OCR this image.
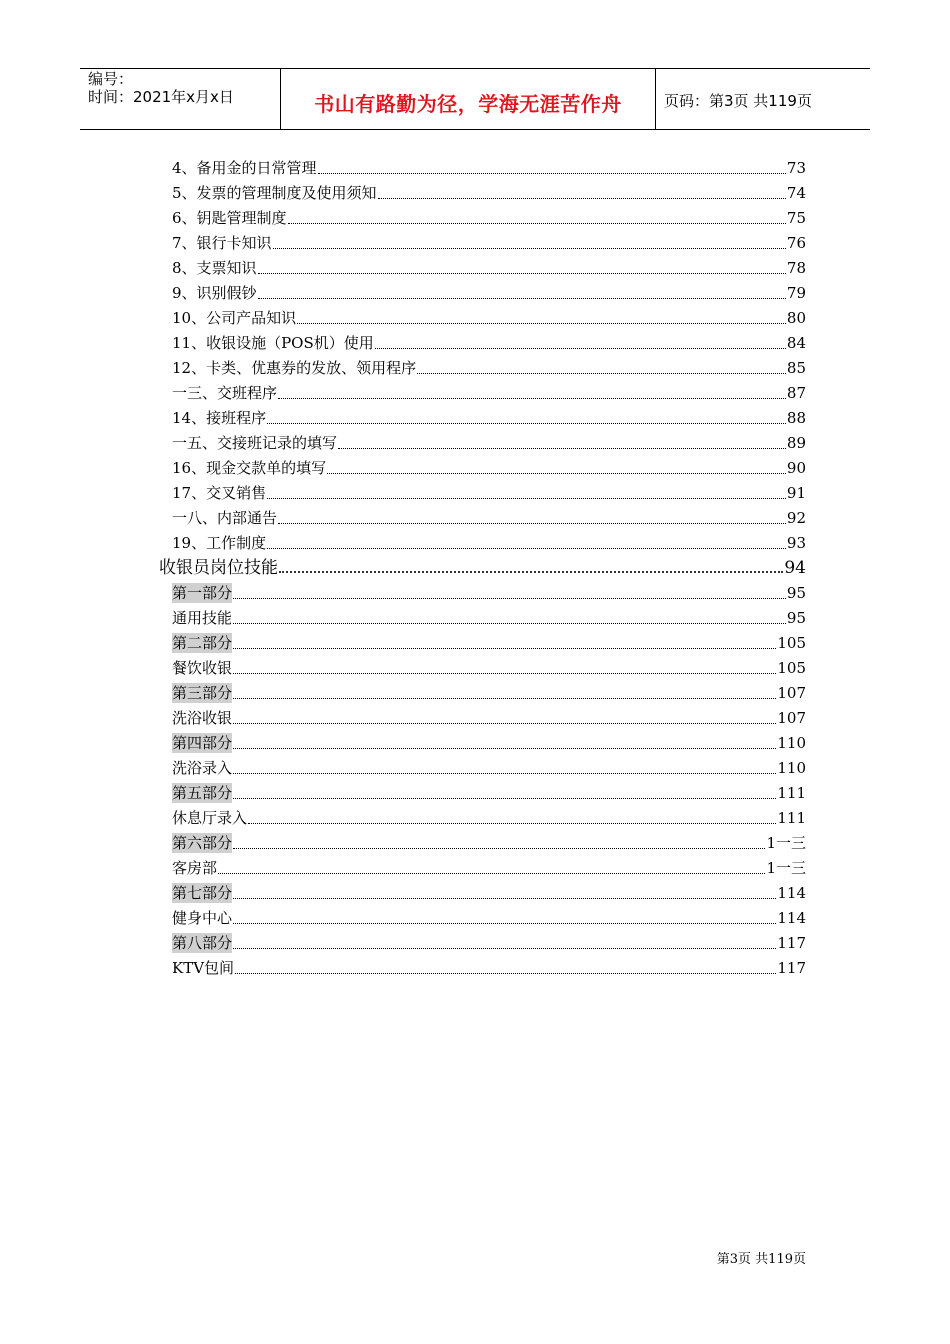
编号：
时间：2021年x月x日	书山有路勤为径，学海无涯苦作舟	页码：第3页 共119页
4、备用金的日常管理	73
5、发票的管理制度及使用须知	74
6、钥匙管理制度	75
7、银行卡知识	76
8、支票知识	78
9、识别假钞	79
10、公司产品知识	80
11、收银设施（POS机）使用	84
12、卡类、优惠券的发放、领用程序	85
一三、交班程序	87
14、接班程序	88
一五、交接班记录的填写	89
16、现金交款单的填写	90
17、交叉销售	91
一八、内部通告	92
19、工作制度	93
收银员岗位技能	94
第一部分	95
通用技能	95
第二部分	105
餐饮收银	105
第三部分	107
洗浴收银	107
第四部分	110
洗浴录入	110
第五部分	111
休息厅录入	111
第六部分	1一三
客房部	1一三
第七部分	114
健身中心	114
第八部分	117
KTV包间	117
第3页 共119页
